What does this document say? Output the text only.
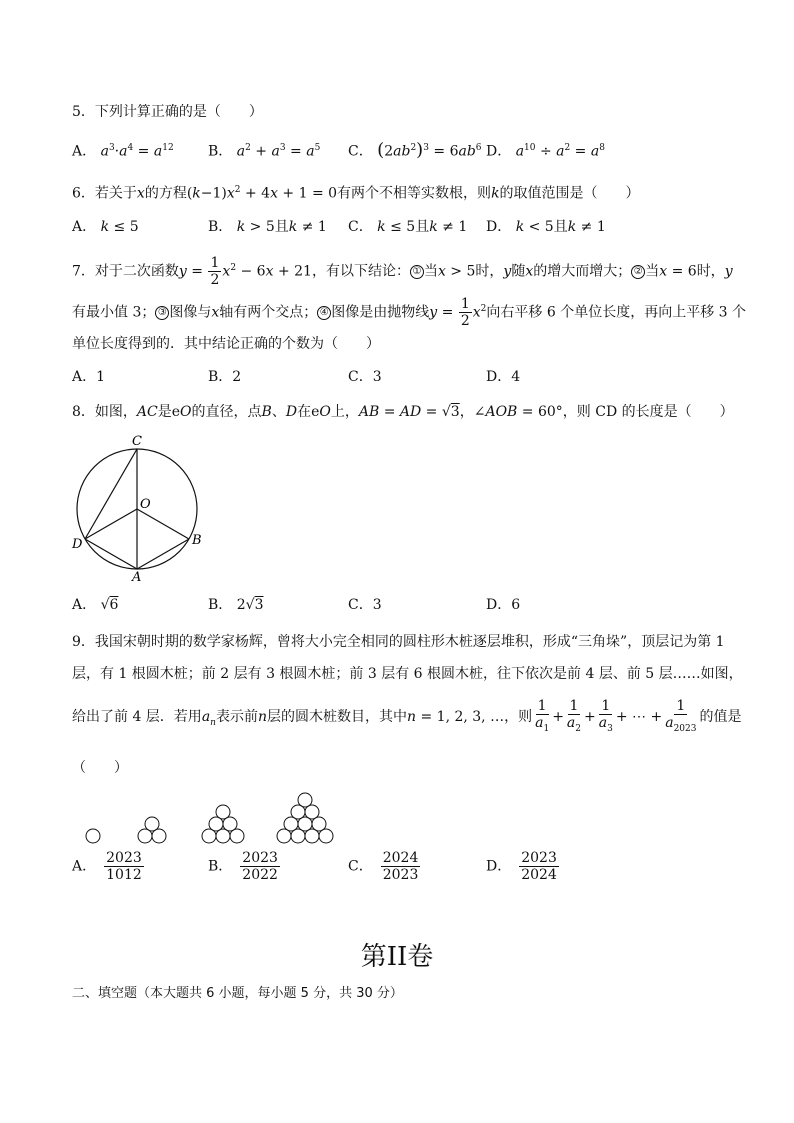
5．下列计算正确的是（　　）
A． $a^3\cdot a^4 = a^{12}$ B． $a^2 + a^3 = a^5$ C． $(2ab^2)^3 = 6ab^6$ D． $a^{10} \div a^2 = a^8$
6．若关于x的方程$(k-1)x^2 + 4x + 1 = 0$有两个不相等实数根，则k的取值范围是（　　）
A． k ≤ 5	B． k > 5且k ≠ 1 C． k ≤ 5且k ≠ 1 D． k < 5且k ≠ 1
7．对于二次函数$y = \frac{1}{2} x^2 - 6x + 21$，有以下结论： ① 当x > 5时，y随x的增大而增大； ② 当x = 6时，y
有最小值 3； ③ 图像与x轴有两个交点； ④ 图像是由抛物线$y = \frac{1}{2} x^2$向右平移 6 个单位长度，再向上平移 3 个
单位长度得到的．其中结论正确的个数为（　　）
A．1	B．2	C．3	D．4
8．如图，AC是eO的直径，点B、D在eO上，AB = AD = √3，∠AOB = 60°，则 CD 的长度是（　　）
C
O
D	B
A
A． √6	B． 2√3	C．3	D．6
9．我国宋朝时期的数学家杨辉，曾将大小完全相同的圆柱形木桩逐层堆积，形成“三角垛”，顶层记为第 1
层，有 1 根圆木桩；前 2 层有 3 根圆木桩；前 3 层有 6 根圆木桩，往下依次是前 4 层、前 5 层……如图，
给出了前 4 层．若用$a_n$表示前n层的圆木桩数目，其中n = 1, 2, 3, …，则 $\frac{1}{a_1} + \frac{1}{a_2} + \frac{1}{a_3}$ + ⋯ + $\frac{1}{a_{2023}}$ 的值是
（　　）
A． $\frac{2023}{1012}$	B． $\frac{2023}{2022}$	C． $\frac{2024}{2023}$	D． $\frac{2023}{2024}$
第II卷
二、填空题（本大题共 6 小题，每小题 5 分，共 30 分）
